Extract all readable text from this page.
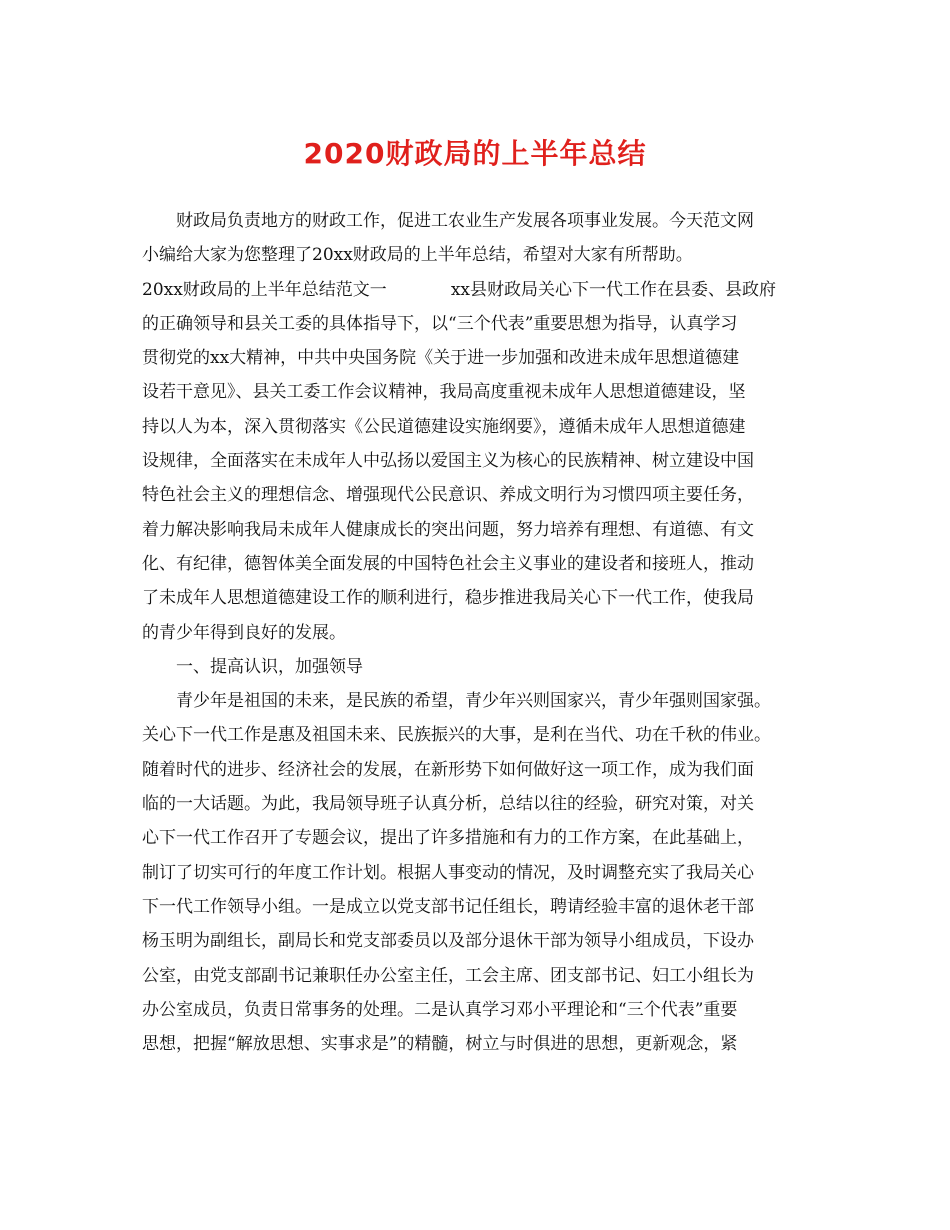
2020财政局的上半年总结
财政局负责地方的财政工作，促进工农业生产发展各项事业发展。今天范文网
小编给大家为您整理了20xx财政局的上半年总结，希望对大家有所帮助。
20xx财政局的上半年总结范文一	xx县财政局关心下一代工作在县委、县政府
的正确领导和县关工委的具体指导下，以“三个代表”重要思想为指导，认真学习
贯彻党的xx大精神，中共中央国务院《关于进一步加强和改进未成年思想道德建
设若干意见》、县关工委工作会议精神，我局高度重视未成年人思想道德建设，坚
持以人为本，深入贯彻落实《公民道德建设实施纲要》，遵循未成年人思想道德建
设规律，全面落实在未成年人中弘扬以爱国主义为核心的民族精神、树立建设中国
特色社会主义的理想信念、增强现代公民意识、养成文明行为习惯四项主要任务，
着力解决影响我局未成年人健康成长的突出问题，努力培养有理想、有道德、有文
化、有纪律，德智体美全面发展的中国特色社会主义事业的建设者和接班人，推动
了未成年人思想道德建设工作的顺利进行，稳步推进我局关心下一代工作，使我局
的青少年得到良好的发展。
一、提高认识，加强领导
青少年是祖国的未来，是民族的希望，青少年兴则国家兴，青少年强则国家强。
关心下一代工作是惠及祖国未来、民族振兴的大事，是利在当代、功在千秋的伟业。
随着时代的进步、经济社会的发展，在新形势下如何做好这一项工作，成为我们面
临的一大话题。为此，我局领导班子认真分析，总结以往的经验，研究对策，对关
心下一代工作召开了专题会议，提出了许多措施和有力的工作方案，在此基础上，
制订了切实可行的年度工作计划。根据人事变动的情况，及时调整充实了我局关心
下一代工作领导小组。一是成立以党支部书记任组长，聘请经验丰富的退休老干部
杨玉明为副组长，副局长和党支部委员以及部分退休干部为领导小组成员，下设办
公室，由党支部副书记兼职任办公室主任，工会主席、团支部书记、妇工小组长为
办公室成员，负责日常事务的处理。二是认真学习邓小平理论和“三个代表”重要
思想，把握“解放思想、实事求是”的精髓，树立与时俱进的思想，更新观念，紧
